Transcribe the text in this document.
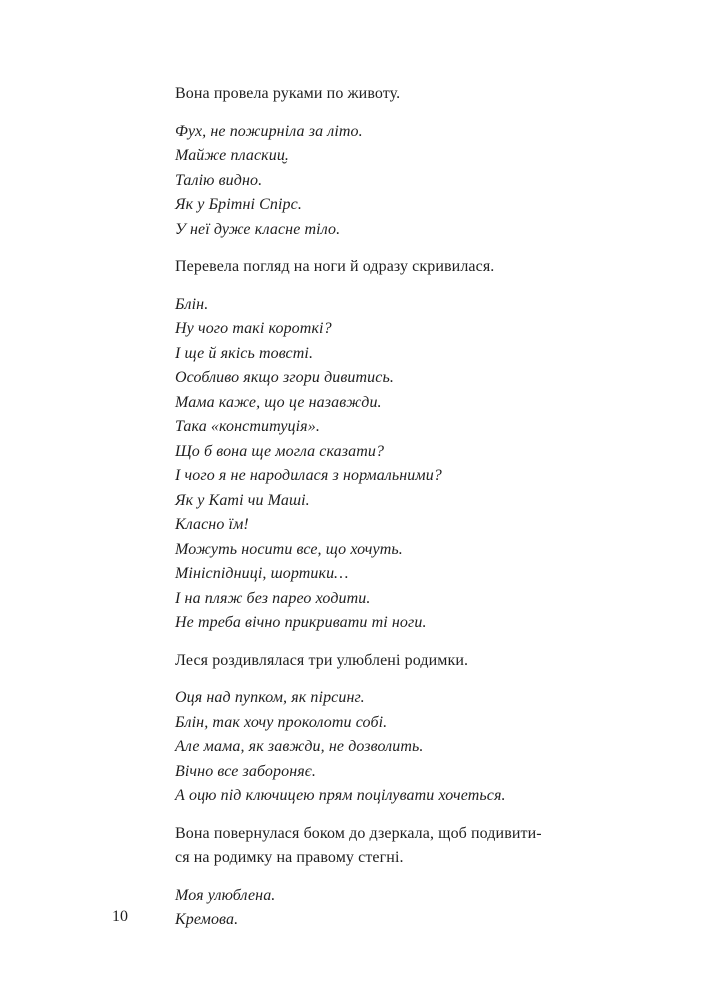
Вона провела руками по животу.
Фух, не пожирніла за літо.
Майже пласкии̮.
Талію видно.
Як у Брітні Спірс.
У неї дуже класне тіло.
Перевела погляд на ноги й одразу скривилася.
Блін.
Ну чого такі короткі?
І ще й якісь товсті.
Особливо якщо згори дивитись.
Мама каже, що це назавжди.
Така «конституція».
Що б вона ще могла сказати?
І чого я не народилася з нормальними?
Як у Каті чи Маші.
Класно їм!
Можуть носити все, що хочуть.
Мініспідниці, шортики…
І на пляж без парео ходити.
Не треба вічно прикривати ті ноги.
Леся роздивлялася три улюблені родимки.
Оця над пупком, як пірсинг.
Блін, так хочу проколоти собі.
Але мама, як завжди, не дозволить.
Вічно все забороняє.
А оцю під ключицею прям поцілувати хочеться.
Вона повернулася боком до дзеркала, щоб подивити-
ся на родимку на правому стегні.
Моя улюблена.
Кремова.
10
